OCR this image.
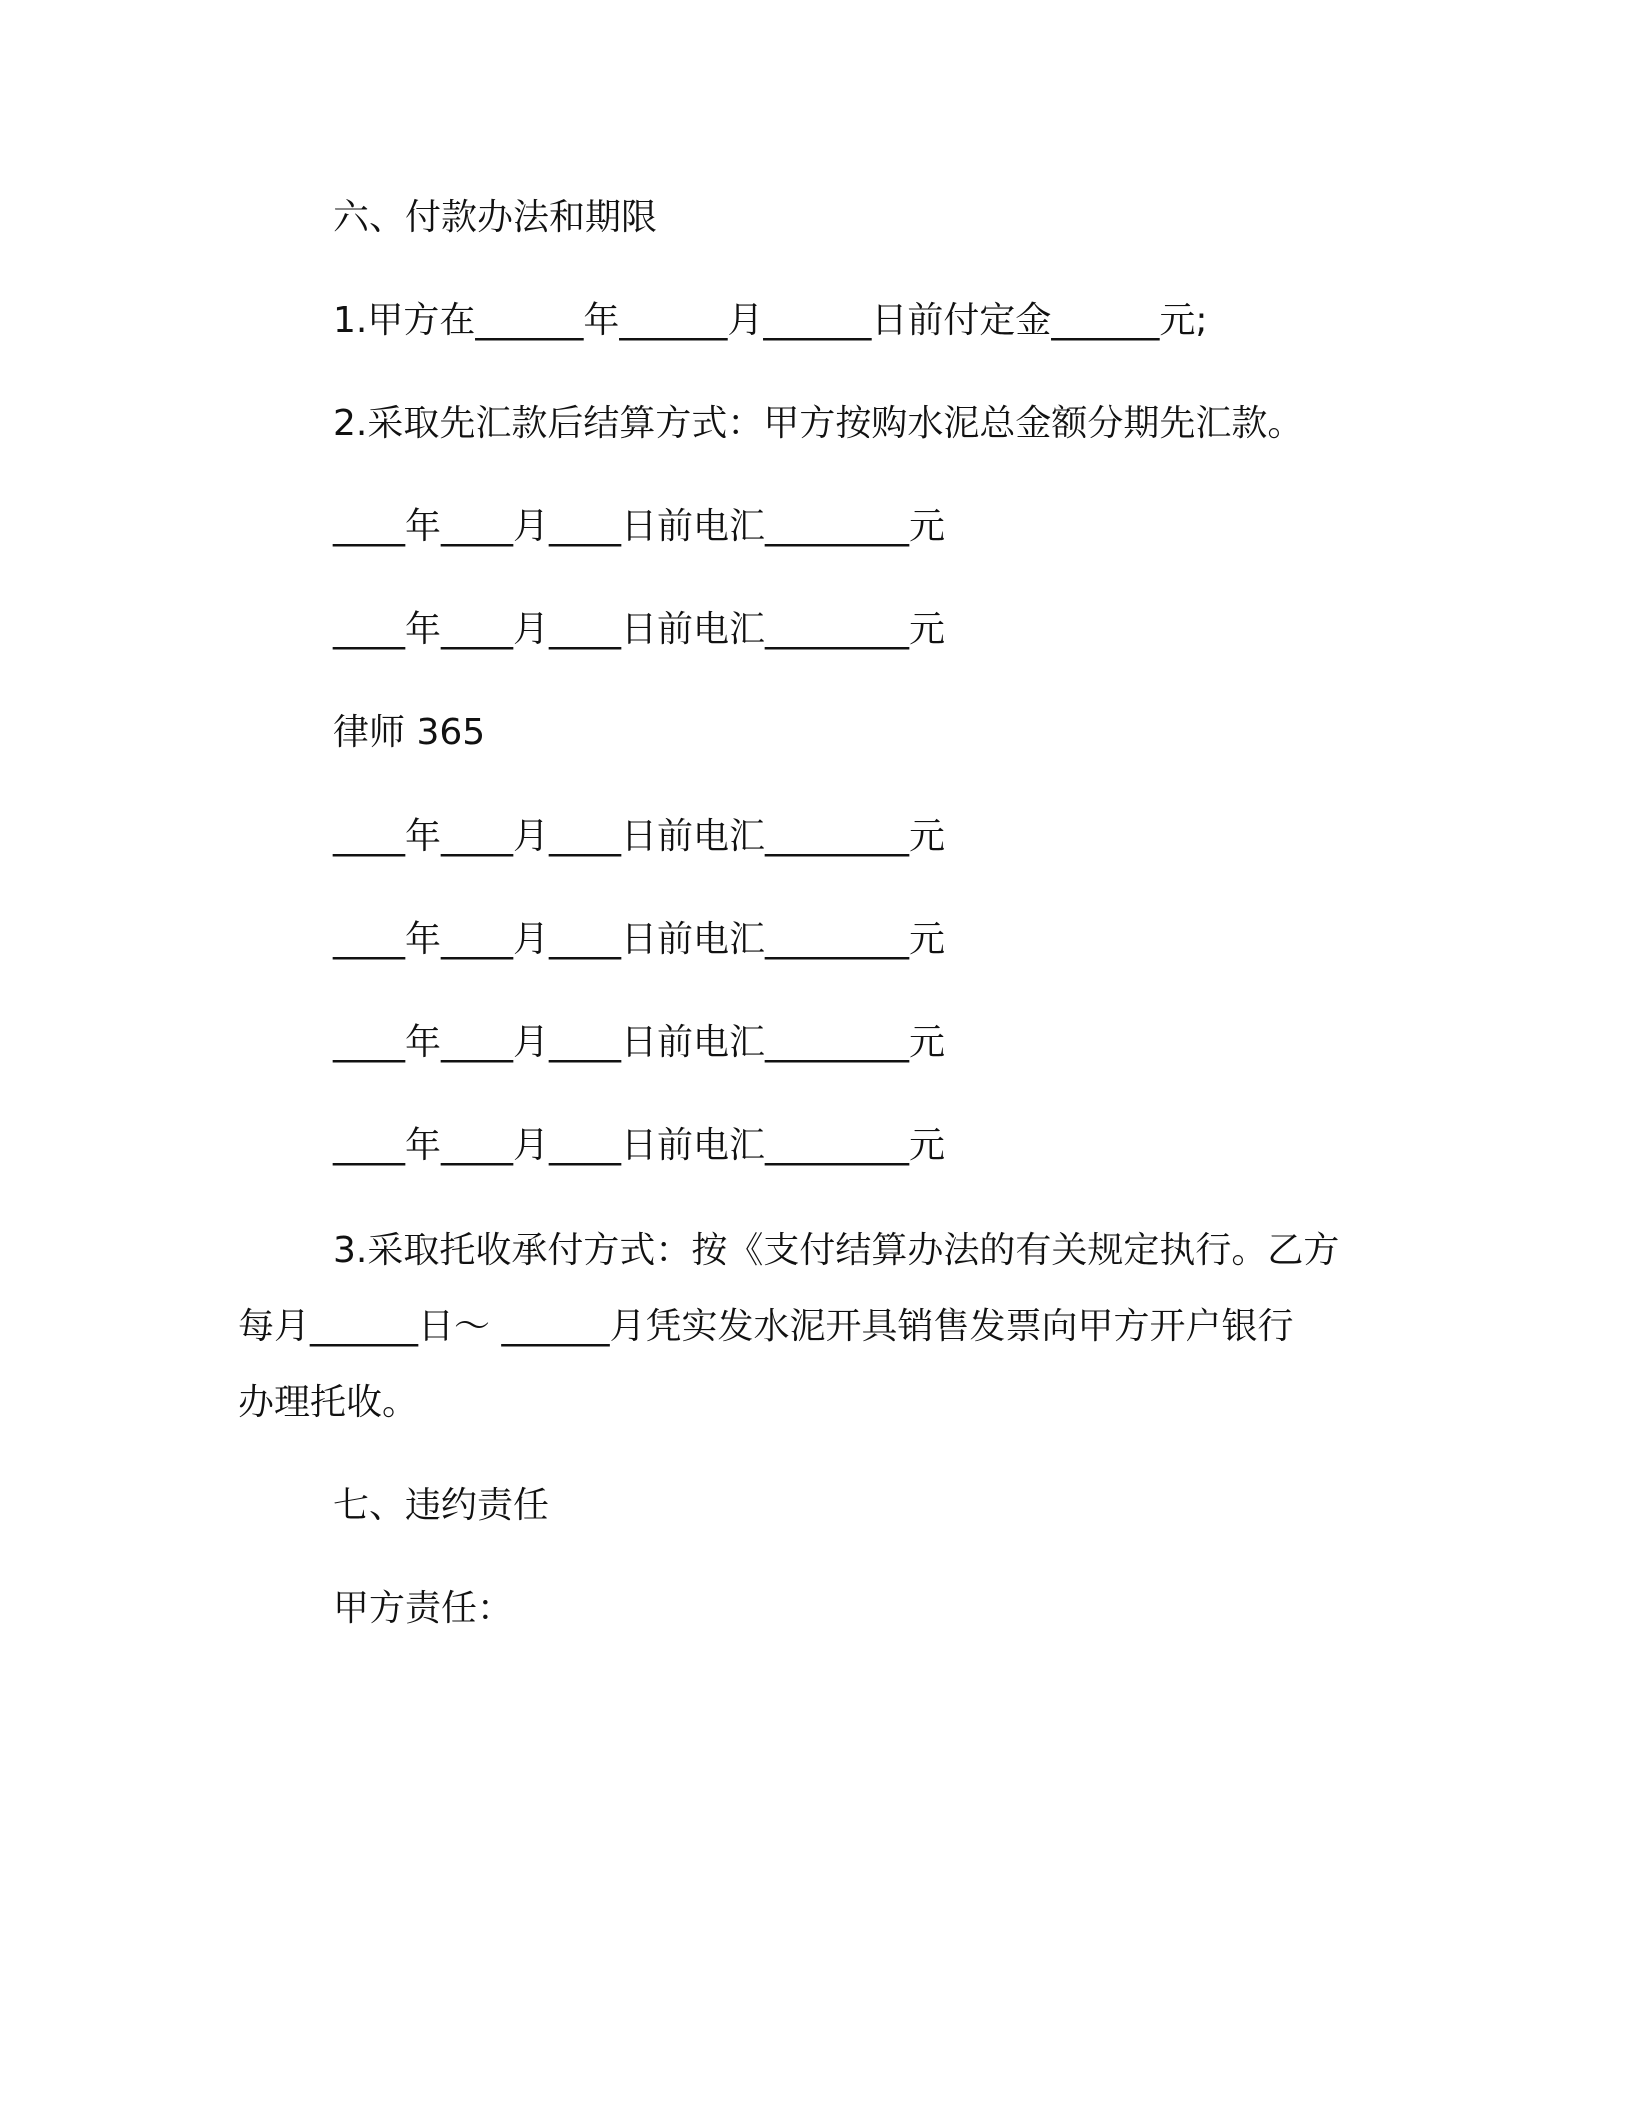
六、付款办法和期限
1.甲方在______年______月______日前付定金______元;
2.采取先汇款后结算方式：甲方按购水泥总金额分期先汇款。
____年____月____日前电汇________元
____年____月____日前电汇________元
律师 365
____年____月____日前电汇________元
____年____月____日前电汇________元
____年____月____日前电汇________元
____年____月____日前电汇________元
3.采取托收承付方式：按《支付结算办法的有关规定执行。乙方
每月______日～ ______月凭实发水泥开具销售发票向甲方开户银行
办理托收。
七、违约责任
甲方责任：
